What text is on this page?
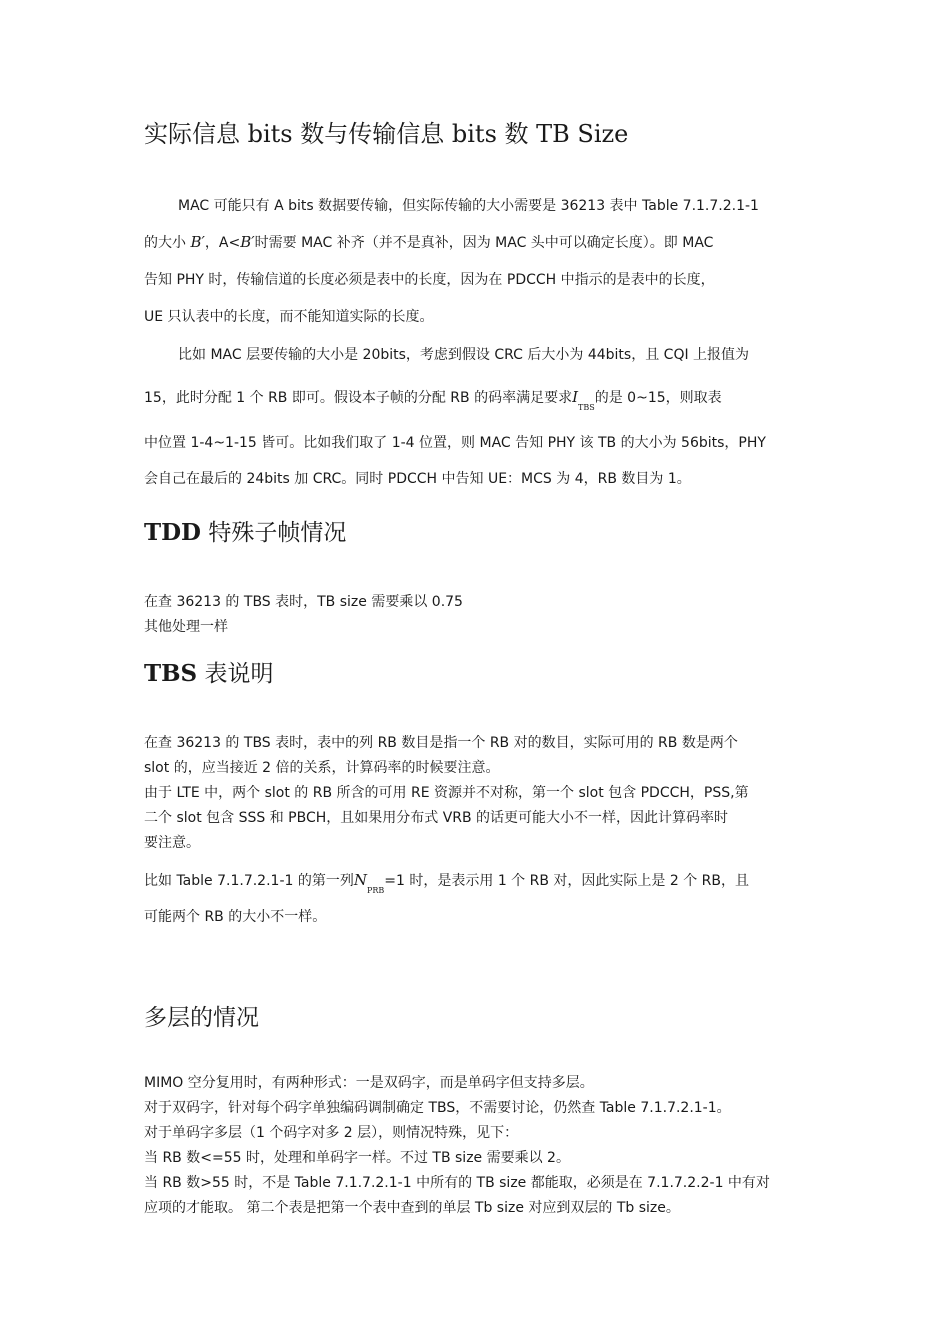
实际信息 bits 数与传输信息 bits 数 TB Size
MAC 可能只有 A bits 数据要传输，但实际传输的大小需要是 36213 表中 Table 7.1.7.2.1-1
的大小 B′，A<B′时需要 MAC 补齐（并不是真补，因为 MAC 头中可以确定长度）。即 MAC
告知 PHY 时，传输信道的长度必须是表中的长度，因为在 PDCCH 中指示的是表中的长度，
UE 只认表中的长度，而不能知道实际的长度。
比如 MAC 层要传输的大小是 20bits，考虑到假设 CRC 后大小为 44bits，且 CQI 上报值为
15，此时分配 1 个 RB 即可。假设本子帧的分配 RB 的码率满足要求$I_{TBS}$的是 0~15，则取表
中位置 1-4~1-15 皆可。比如我们取了 1-4 位置，则 MAC 告知 PHY 该 TB 的大小为 56bits，PHY
会自己在最后的 24bits 加 CRC。同时 PDCCH 中告知 UE：MCS 为 4，RB 数目为 1。
TDD 特殊子帧情况
在查 36213 的 TBS 表时，TB size 需要乘以 0.75
其他处理一样
TBS 表说明
在查 36213 的 TBS 表时，表中的列 RB 数目是指一个 RB 对的数目，实际可用的 RB 数是两个
slot 的，应当接近 2 倍的关系，计算码率的时候要注意。
由于 LTE 中，两个 slot 的 RB 所含的可用 RE 资源并不对称，第一个 slot 包含 PDCCH，PSS,第
二个 slot 包含 SSS 和 PBCH，且如果用分布式 VRB 的话更可能大小不一样，因此计算码率时
要注意。
比如 Table 7.1.7.2.1-1 的第一列$N_{PRB}=1$ 时，是表示用 1 个 RB 对，因此实际上是 2 个 RB，且
可能两个 RB 的大小不一样。
多层的情况
MIMO 空分复用时，有两种形式：一是双码字，而是单码字但支持多层。
对于双码字，针对每个码字单独编码调制确定 TBS，不需要讨论，仍然查 Table 7.1.7.2.1-1。
对于单码字多层（1 个码字对多 2 层），则情况特殊，见下：
当 RB 数<=55 时，处理和单码字一样。不过 TB size 需要乘以 2。
当 RB 数>55 时，不是 Table 7.1.7.2.1-1 中所有的 TB size 都能取，必须是在 7.1.7.2.2-1 中有对
应项的才能取。 第二个表是把第一个表中查到的单层 Tb size 对应到双层的 Tb size。
